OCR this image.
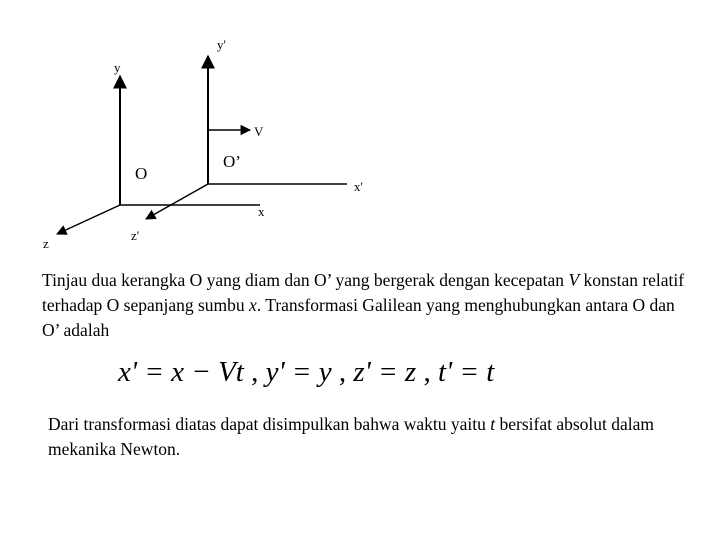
y'
y
V
O
O’
x'
x
z
z'
Tinjau dua kerangka O yang diam dan O’ yang bergerak dengan kecepatan V konstan relatif terhadap O sepanjang sumbu x. Transformasi Galilean yang menghubungkan antara O dan O’ adalah
x' = x − Vt , y' = y , z' = z , t' = t
Dari transformasi diatas dapat disimpulkan bahwa waktu yaitu t bersifat absolut dalam mekanika Newton.
